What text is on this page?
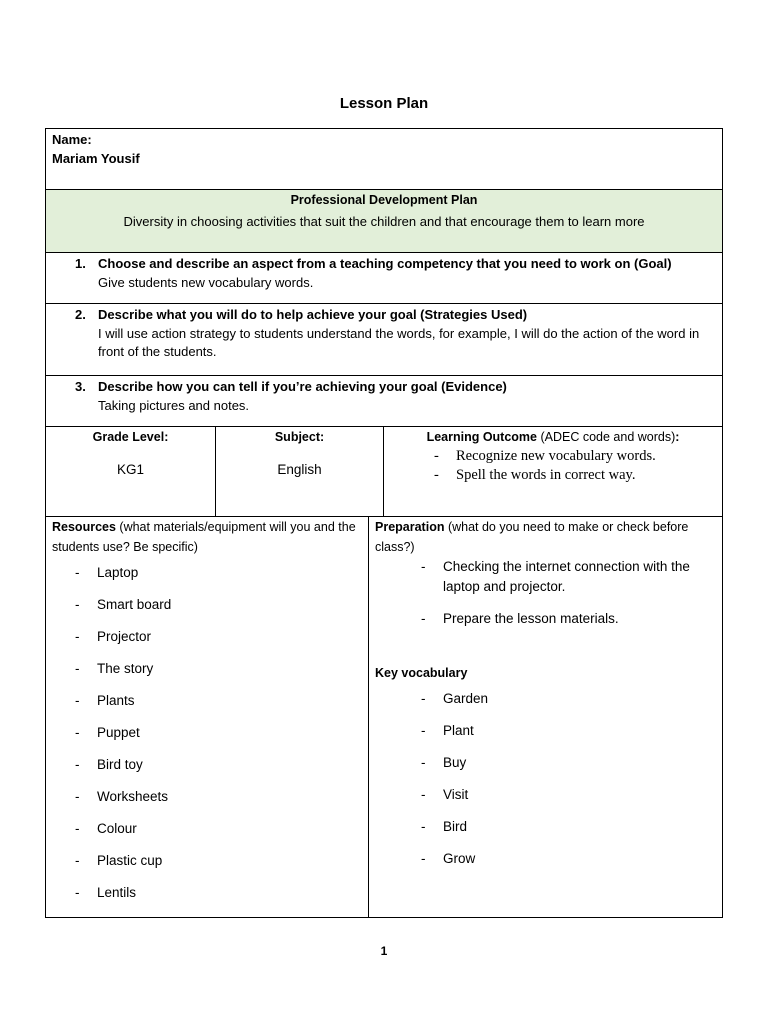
Lesson Plan
Name:
Mariam Yousif
Professional Development Plan
Diversity in choosing activities that suit the children and that encourage them to learn more
1. Choose and describe an aspect from a teaching competency that you need to work on (Goal)
Give students new vocabulary words.
2. Describe what you will do to help achieve your goal (Strategies Used)
I will use action strategy to students understand the words, for example, I will do the action of the word in front of the students.
3. Describe how you can tell if you’re achieving your goal (Evidence)
Taking pictures and notes.
Grade Level:
KG1
Subject:
English
Learning Outcome (ADEC code and words):
- Recognize new vocabulary words.
- Spell the words in correct way.
Resources (what materials/equipment will you and the students use? Be specific)
- Laptop
- Smart board
- Projector
- The story
- Plants
- Puppet
- Bird toy
- Worksheets
- Colour
- Plastic cup
- Lentils
Preparation (what do you need to make or check before class?)
- Checking the internet connection with the laptop and projector.
- Prepare the lesson materials.
Key vocabulary
- Garden
- Plant
- Buy
- Visit
- Bird
- Grow
1
